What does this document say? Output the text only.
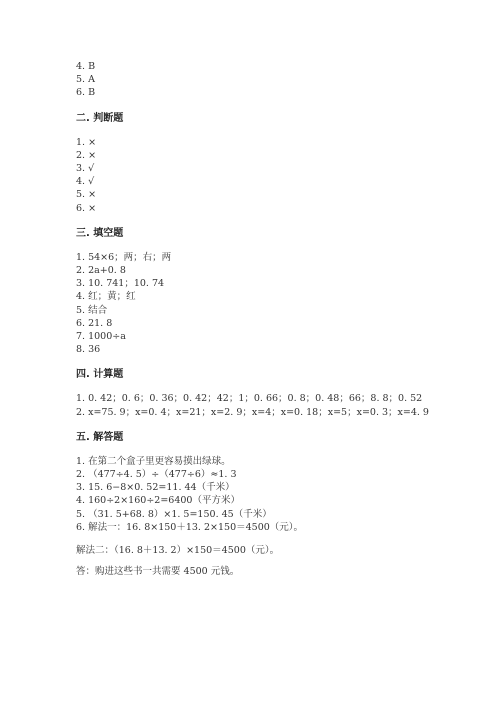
4. B
5. A
6. B
二. 判断题
1. ×
2. ×
3. √
4. √
5. ×
6. ×
三. 填空题
1. 54×6；两；右；两
2. 2a+0. 8
3. 10. 741；10. 74
4. 红；黄；红
5. 结合
6. 21. 8
7. 1000÷a
8. 36
四. 计算题
1. 0. 42；0. 6；0. 36；0. 42；42；1；0. 66；0. 8；0. 48；66；8. 8；0. 52
2. x=75. 9；x=0. 4；x=21；x=2. 9；x=4；x=0. 18；x=5；x=0. 3；x=4. 9
五. 解答题
1. 在第二个盒子里更容易摸出绿球。
2. （477÷4. 5）÷（477÷6）≈1. 3
3. 15. 6−8×0. 52=11. 44（千米）
4. 160÷2×160÷2=6400（平方米）
5. （31. 5+68. 8）×1. 5=150. 45（千米）
6. 解法一：16. 8×150＋13. 2×150＝4500（元）。
解法二：（16. 8＋13. 2）×150＝4500（元）。
答：购进这些书一共需要 4500 元钱。
